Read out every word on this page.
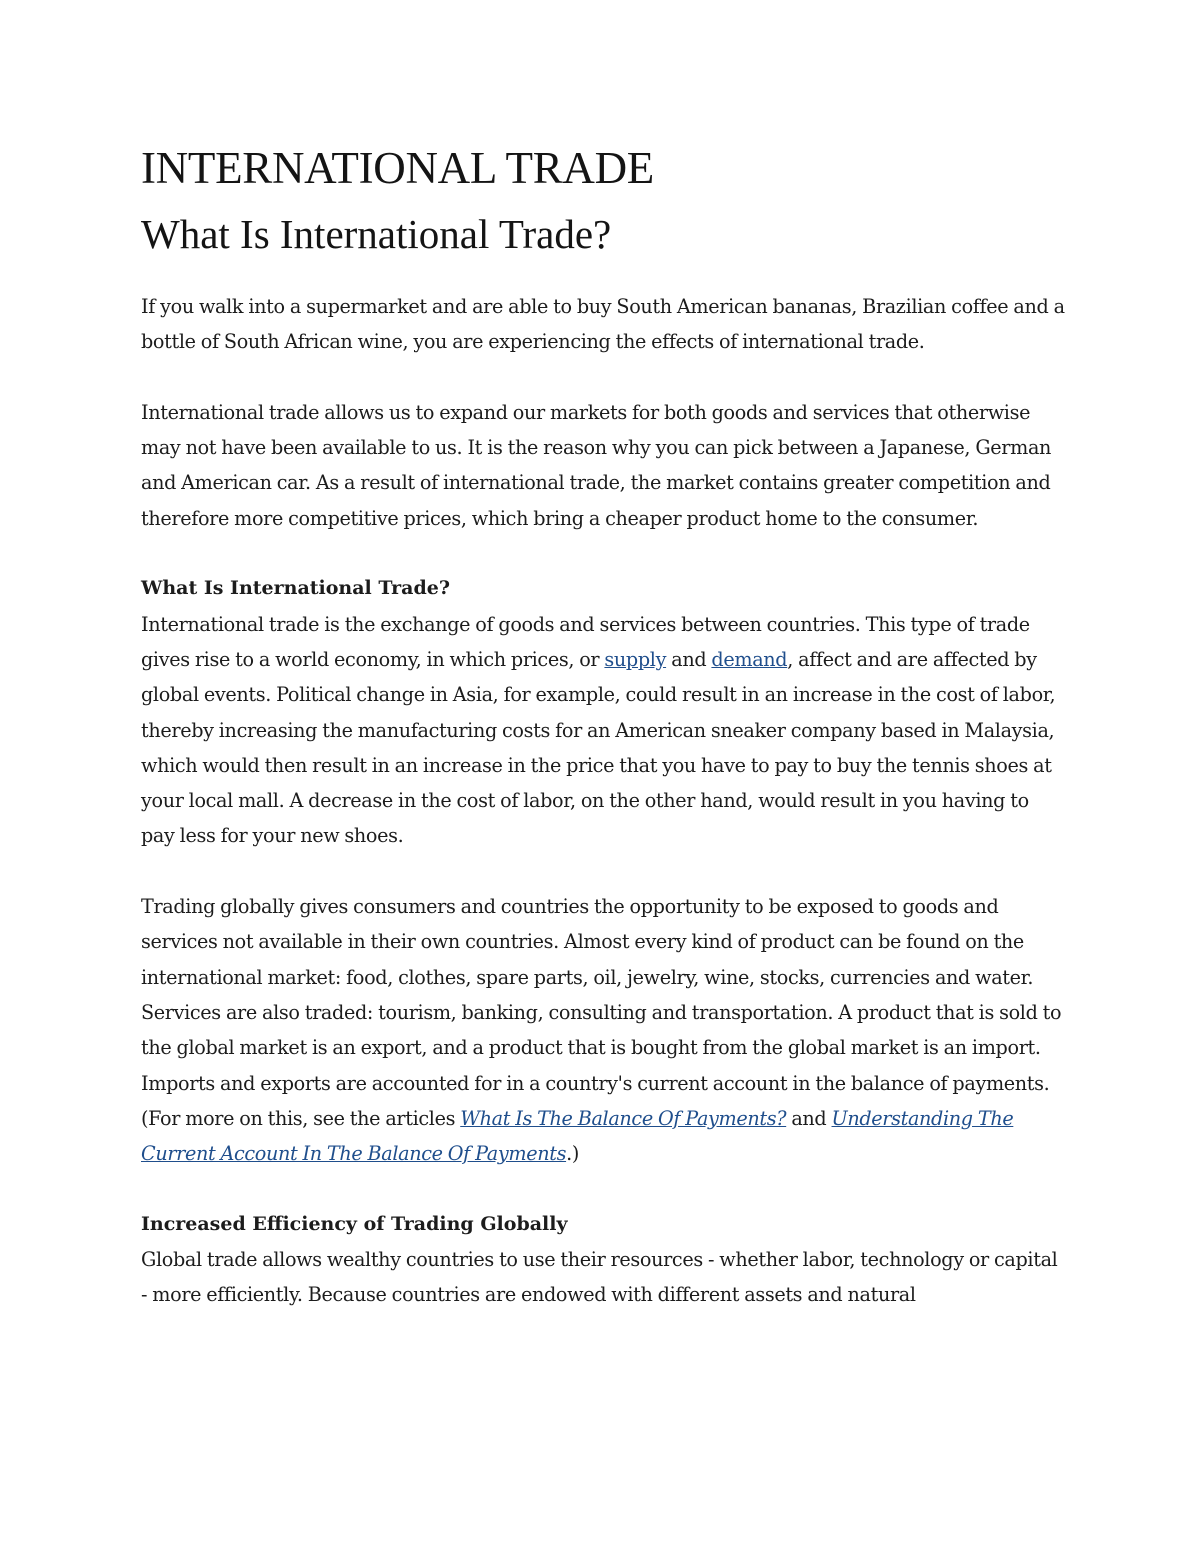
INTERNATIONAL TRADE
What Is International Trade?

If you walk into a supermarket and are able to buy South American bananas, Brazilian coffee and a bottle of South African wine, you are experiencing the effects of international trade.

International trade allows us to expand our markets for both goods and services that otherwise may not have been available to us. It is the reason why you can pick between a Japanese, German and American car. As a result of international trade, the market contains greater competition and therefore more competitive prices, which bring a cheaper product home to the consumer.

What Is International Trade?

International trade is the exchange of goods and services between countries. This type of trade gives rise to a world economy, in which prices, or supply and demand, affect and are affected by global events. Political change in Asia, for example, could result in an increase in the cost of labor, thereby increasing the manufacturing costs for an American sneaker company based in Malaysia, which would then result in an increase in the price that you have to pay to buy the tennis shoes at your local mall. A decrease in the cost of labor, on the other hand, would result in you having to pay less for your new shoes.

Trading globally gives consumers and countries the opportunity to be exposed to goods and services not available in their own countries. Almost every kind of product can be found on the international market: food, clothes, spare parts, oil, jewelry, wine, stocks, currencies and water. Services are also traded: tourism, banking, consulting and transportation. A product that is sold to the global market is an export, and a product that is bought from the global market is an import. Imports and exports are accounted for in a country's current account in the balance of payments. (For more on this, see the articles What Is The Balance Of Payments? and Understanding The Current Account In The Balance Of Payments.)

Increased Efficiency of Trading Globally

Global trade allows wealthy countries to use their resources - whether labor, technology or capital - more efficiently. Because countries are endowed with different assets and natural
